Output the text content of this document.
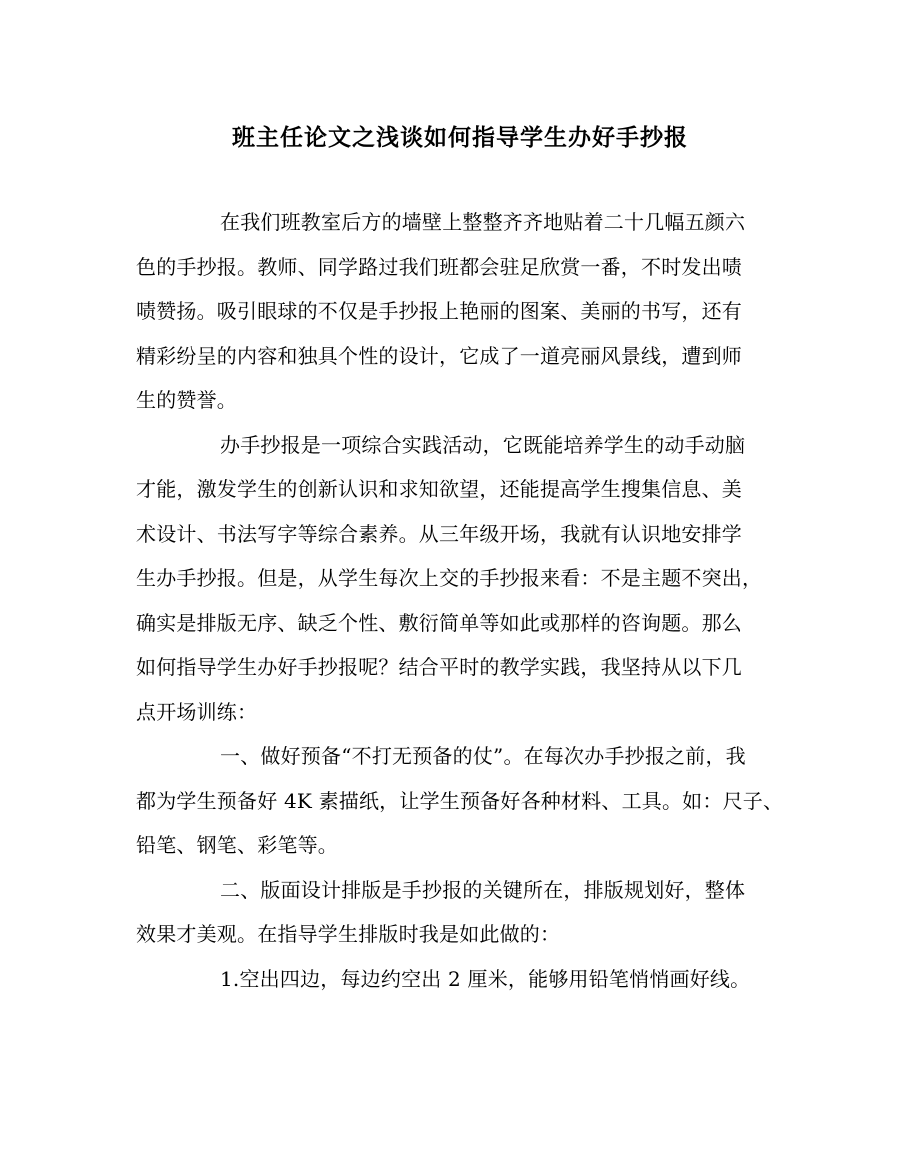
班主任论文之浅谈如何指导学生办好手抄报
在我们班教室后方的墙壁上整整齐齐地贴着二十几幅五颜六
色的手抄报。教师、同学路过我们班都会驻足欣赏一番，不时发出啧
啧赞扬。吸引眼球的不仅是手抄报上艳丽的图案、美丽的书写，还有
精彩纷呈的内容和独具个性的设计，它成了一道亮丽风景线，遭到师
生的赞誉。
办手抄报是一项综合实践活动，它既能培养学生的动手动脑
才能，激发学生的创新认识和求知欲望，还能提高学生搜集信息、美
术设计、书法写字等综合素养。从三年级开场，我就有认识地安排学
生办手抄报。但是，从学生每次上交的手抄报来看：不是主题不突出，
确实是排版无序、缺乏个性、敷衍简单等如此或那样的咨询题。那么
如何指导学生办好手抄报呢？结合平时的教学实践，我坚持从以下几
点开场训练：
一、做好预备“不打无预备的仗”。在每次办手抄报之前，我
都为学生预备好 4K 素描纸，让学生预备好各种材料、工具。如：尺子、
铅笔、钢笔、彩笔等。
二、版面设计排版是手抄报的关键所在，排版规划好，整体
效果才美观。在指导学生排版时我是如此做的：
1.空出四边，每边约空出 2 厘米，能够用铅笔悄悄画好线。
